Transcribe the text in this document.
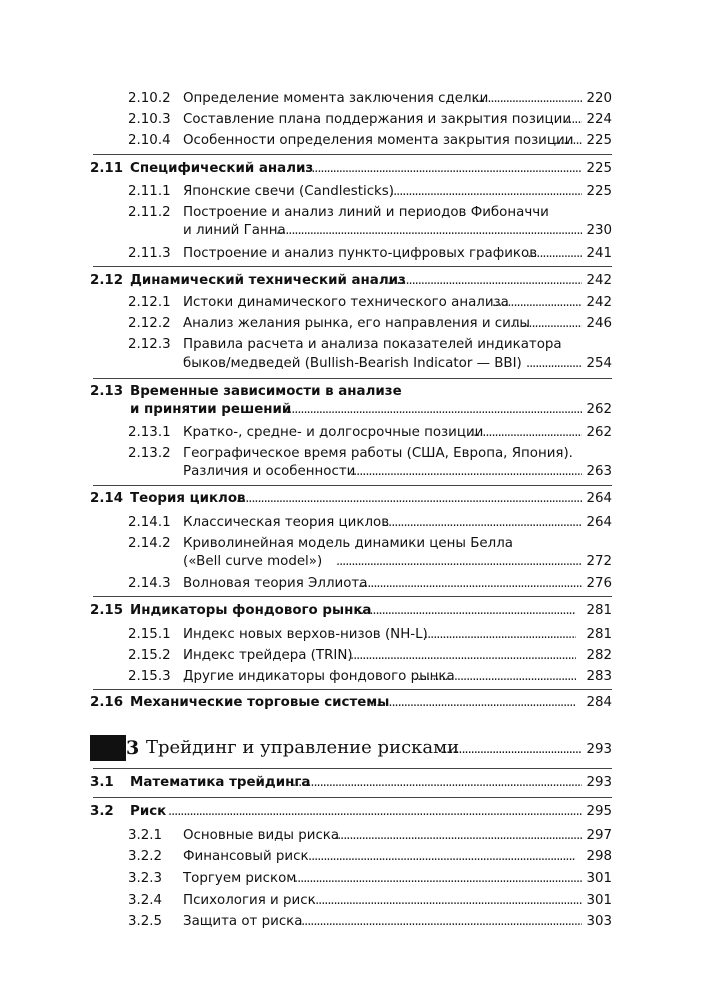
2.10.2 Определение момента заключения сделки . . .	220
2.10.3 Составление плана поддержания и закрытия позиции . . . 224
2.10.4 Особенности определения момента закрытия позиции . . . 225
2.11 Специфический анализ . . .	225
2.11.1 Японские свечи (Candlesticks) . . .	225
2.11.2 Построение и анализ линий и периодов Фибоначчи
и линий Ганна . . .	230
2.11.3 Построение и анализ пункто-цифровых графиков . . .	241
2.12 Динамический технический анализ . . .	242
2.12.1 Истоки динамического технического анализа . . .	242
2.12.2 Анализ желания рынка, его направления и силы . . .	246
2.12.3 Правила расчета и анализа показателей индикатора
быков/медведей (Bullish-Bearish Indicator — BBI) . . .	254
2.13 Временные зависимости в анализе
и принятии решений . . .	262
2.13.1 Кратко-, средне- и долгосрочные позиции . . .	262
2.13.2 Географическое время работы (США, Европа, Япония).
Различия и особенности . . .	263
2.14 Теория циклов . . .	264
2.14.1 Классическая теория циклов . . .	264
2.14.2 Криволинейная модель динамики цены Белла
(«Bell curve model») . . .	272
2.14.3 Волновая теория Эллиота . . .	276
2.15 Индикаторы фондового рынка . . .	281
2.15.1 Индекс новых верхов-низов (NH-L) . . .	281
2.15.2 Индекс трейдера (TRIN) . . .	282
2.15.3 Другие индикаторы фондового рынка . . .	283
2.16 Механические торговые системы . . .	284
3 Трейдинг и управление рисками . . .	293
3.1 Математика трейдинга . . .	293
3.2 Риск . . .	295
3.2.1 Основные виды риска . . .	297
3.2.2 Финансовый риск . . .	298
3.2.3 Торгуем риском . . .	301
3.2.4 Психология и риск . . .	301
3.2.5 Защита от риска . . .	303
